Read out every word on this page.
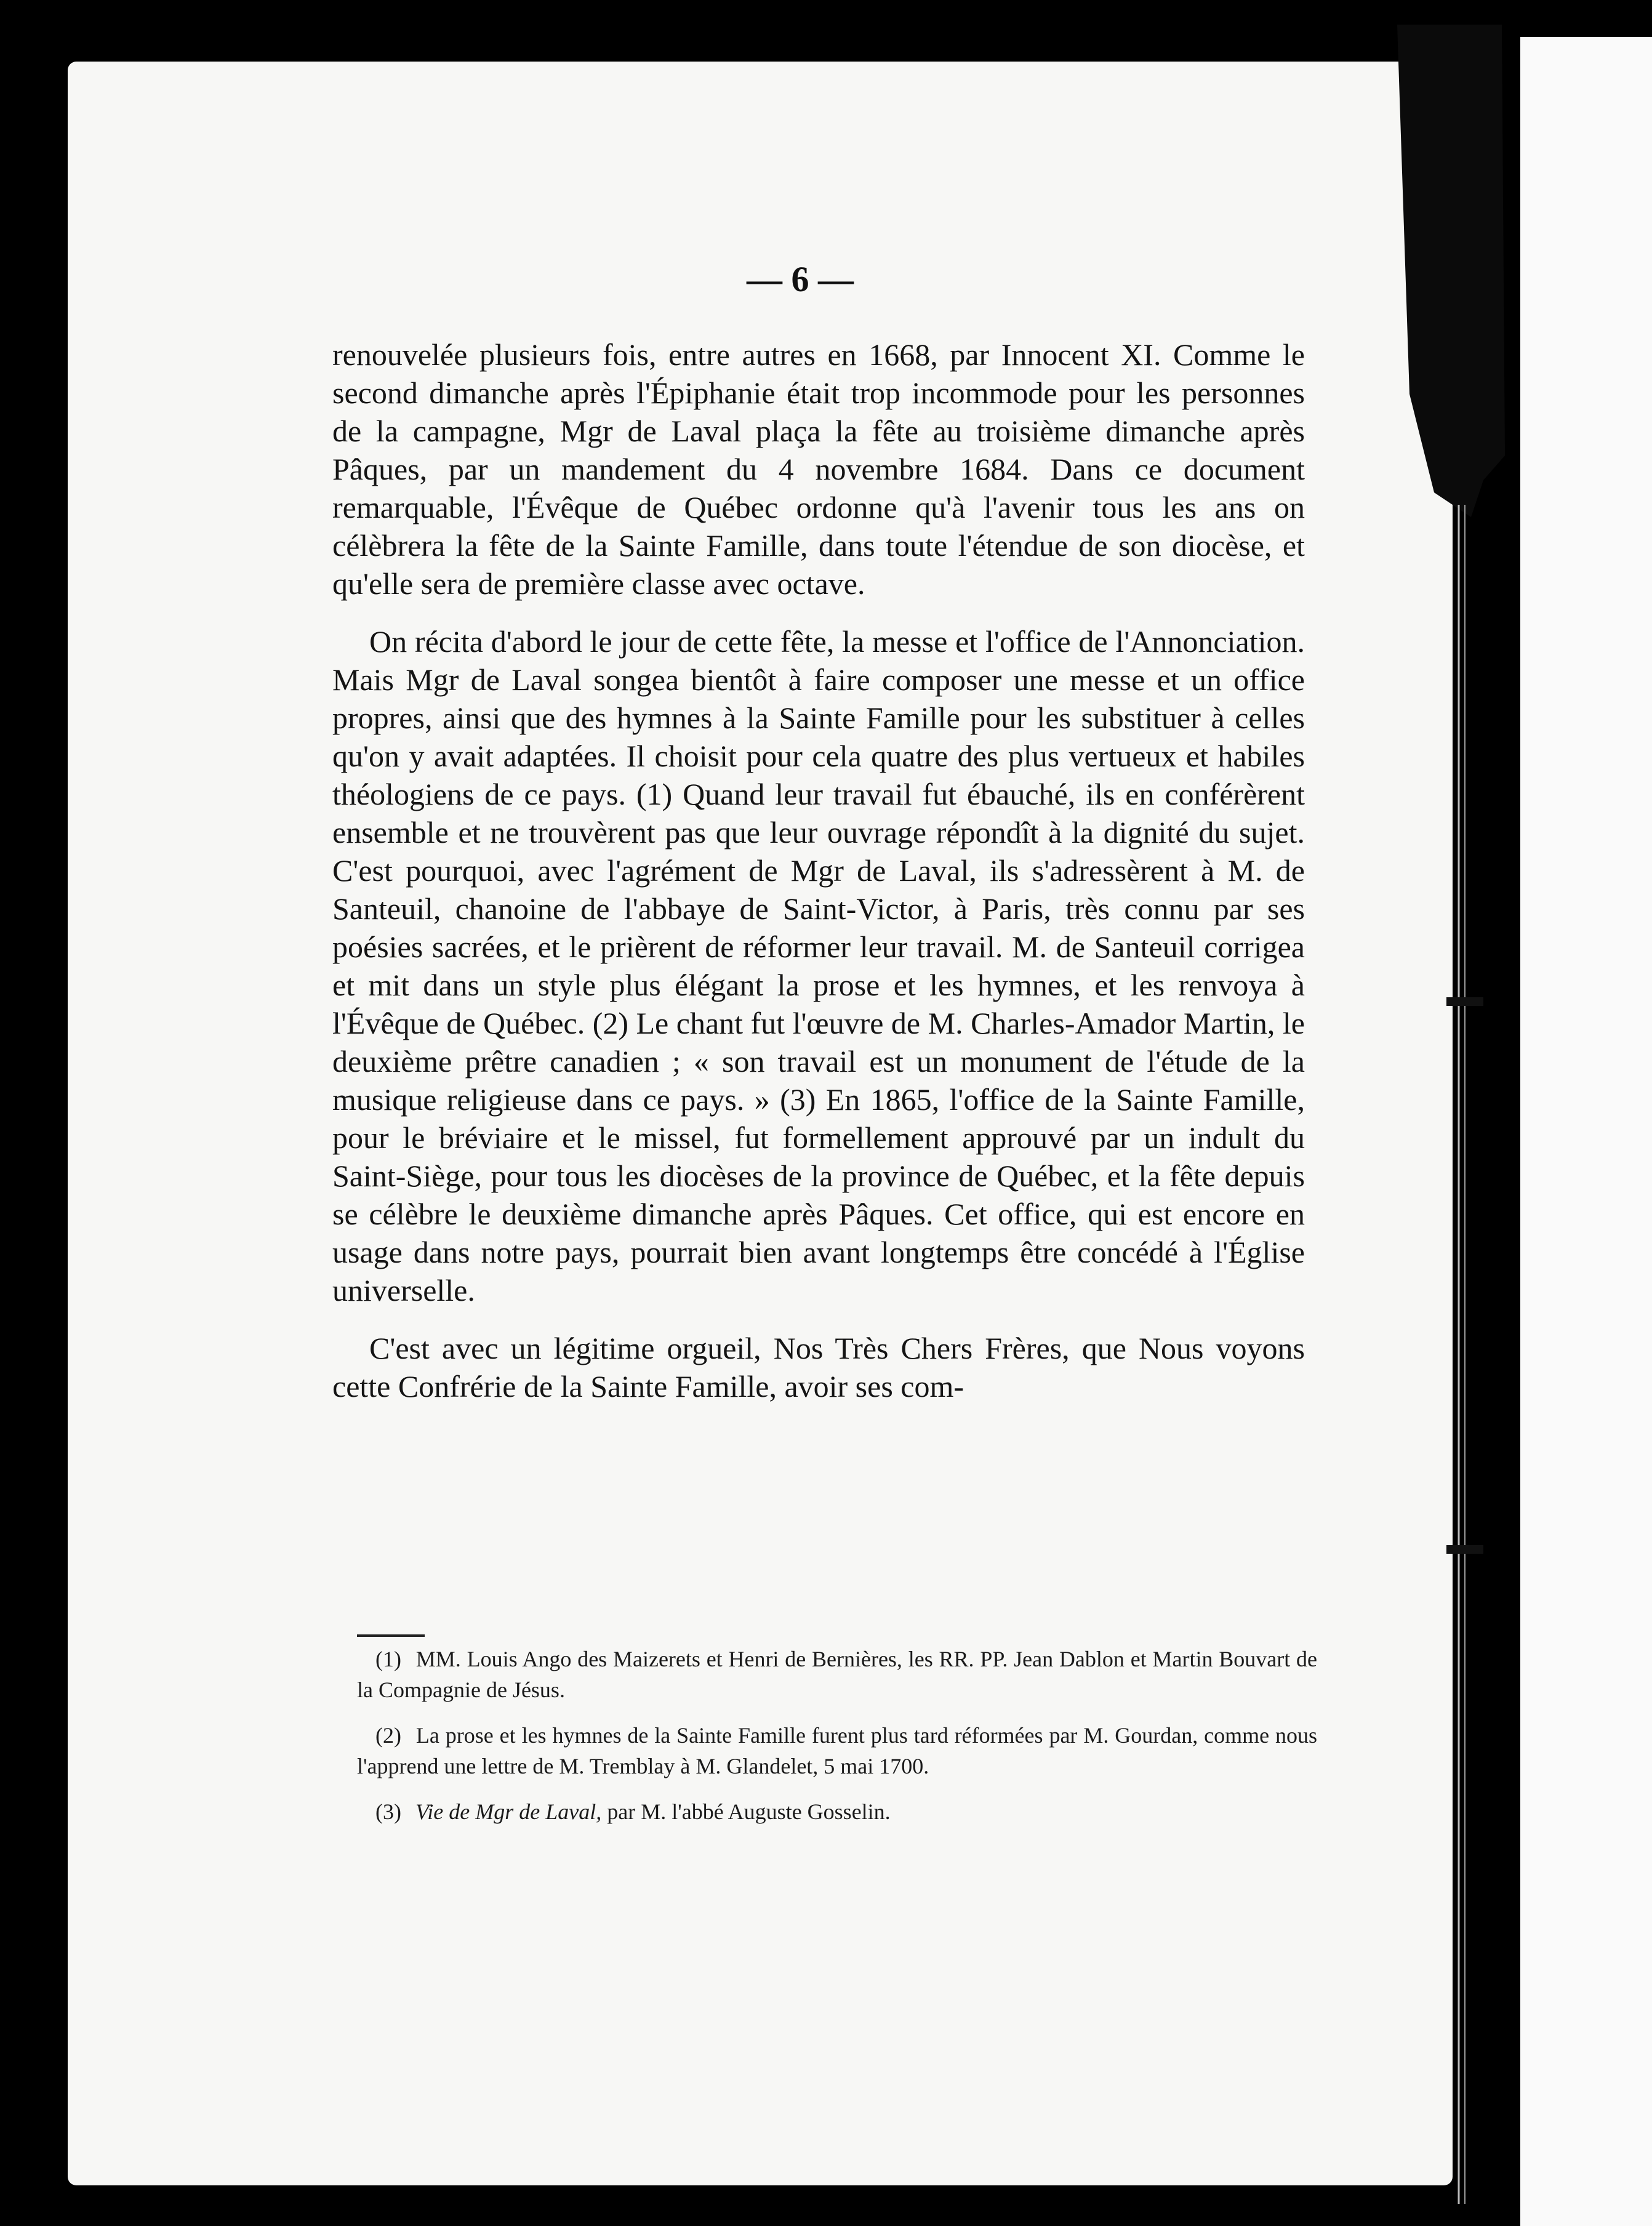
— 6 —

renouvelée plusieurs fois, entre autres en 1668, par Innocent XI. Comme le second dimanche après l'Épiphanie était trop incommode pour les personnes de la campagne, Mgr de Laval plaça la fête au troisième dimanche après Pâques, par un mandement du 4 novembre 1684. Dans ce document remarquable, l'Évêque de Québec ordonne qu'à l'avenir tous les ans on célèbrera la fête de la Sainte Famille, dans toute l'étendue de son diocèse, et qu'elle sera de première classe avec octave.

On récita d'abord le jour de cette fête, la messe et l'office de l'Annonciation. Mais Mgr de Laval songea bientôt à faire composer une messe et un office propres, ainsi que des hymnes à la Sainte Famille pour les substituer à celles qu'on y avait adaptées. Il choisit pour cela quatre des plus vertueux et habiles théologiens de ce pays. (1) Quand leur travail fut ébauché, ils en conférèrent ensemble et ne trouvèrent pas que leur ouvrage répondît à la dignité du sujet. C'est pourquoi, avec l'agrément de Mgr de Laval, ils s'adressèrent à M. de Santeuil, chanoine de l'abbaye de Saint-Victor, à Paris, très connu par ses poésies sacrées, et le prièrent de réformer leur travail. M. de Santeuil corrigea et mit dans un style plus élégant la prose et les hymnes, et les renvoya à l'Évêque de Québec. (2) Le chant fut l'œuvre de M. Charles-Amador Martin, le deuxième prêtre canadien ; « son travail est un monument de l'étude de la musique religieuse dans ce pays. » (3) En 1865, l'office de la Sainte Famille, pour le bréviaire et le missel, fut formellement approuvé par un indult du Saint-Siège, pour tous les diocèses de la province de Québec, et la fête depuis se célèbre le deuxième dimanche après Pâques. Cet office, qui est encore en usage dans notre pays, pourrait bien avant longtemps être concédé à l'Église universelle.

C'est avec un légitime orgueil, Nos Très Chers Frères, que Nous voyons cette Confrérie de la Sainte Famille, avoir ses com-

(1) MM. Louis Ango des Maizerets et Henri de Bernières, les RR. PP. Jean Dablon et Martin Bouvart de la Compagnie de Jésus.

(2) La prose et les hymnes de la Sainte Famille furent plus tard réformées par M. Gourdan, comme nous l'apprend une lettre de M. Tremblay à M. Glandelet, 5 mai 1700.

(3) Vie de Mgr de Laval, par M. l'abbé Auguste Gosselin.
